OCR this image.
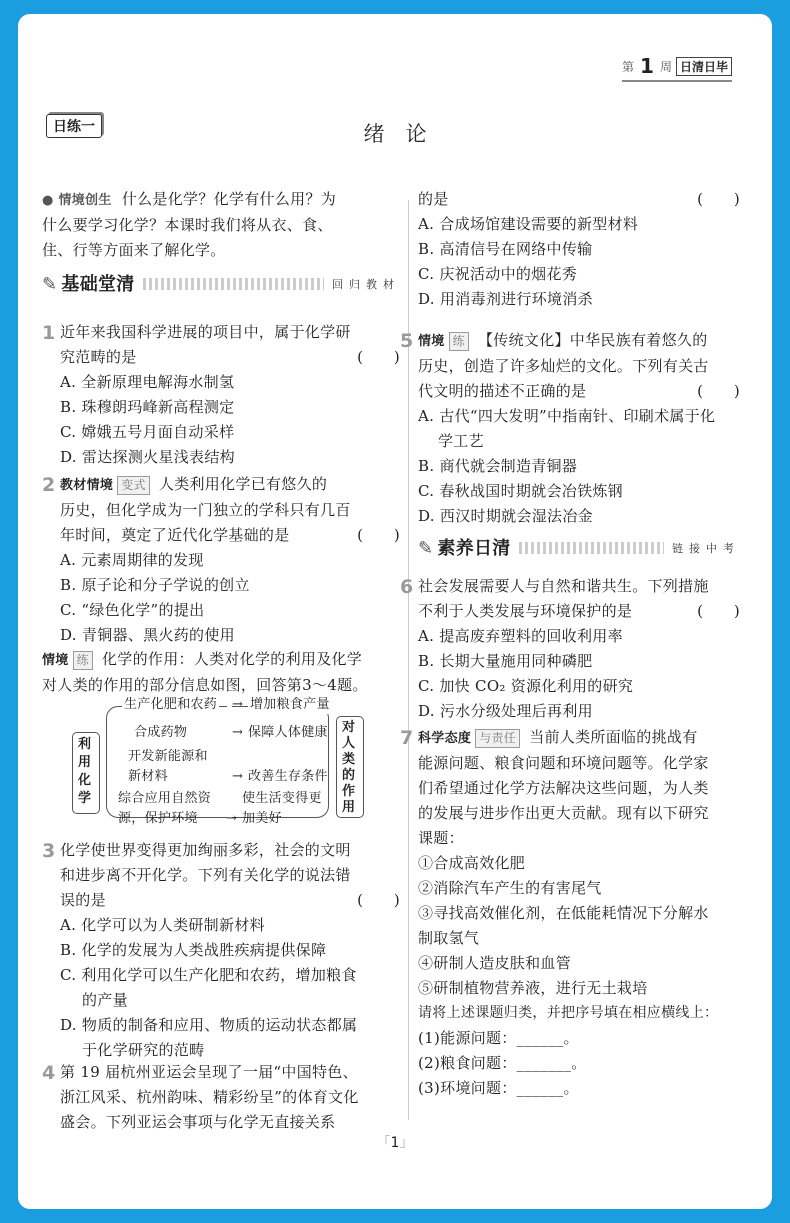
第 1 周 日清日毕
日练一	绪　论
● 情境创生 什么是化学？化学有什么用？为
什么要学习化学？本课时我们将从衣、食、
住、行等方面来了解化学。
✎ 基础堂清	回归教材
1 近年来我国科学进展的项目中，属于化学研
究范畴的是	(　　)
A. 全新原理电解海水制氢
B. 珠穆朗玛峰新高程测定
C. 嫦娥五号月面自动采样
D. 雷达探测火星浅表结构
2 教材情境 变式 人类利用化学已有悠久的
历史，但化学成为一门独立的学科只有几百
年时间，奠定了近代化学基础的是	(　　)
A. 元素周期律的发现
B. 原子论和分子学说的创立
C. “绿色化学”的提出
D. 青铜器、黑火药的使用
情境 练 化学的作用：人类对化学的利用及化学
对人类的作用的部分信息如图，回答第3～4题。
利
用
化
学
对
人
类
的
作
用
生产化肥和农药 → 增加粮食产量
合成药物	→ 保障人体健康
开发新能源和
新材料	→ 改善生存条件
综合应用自然资
源，保护环境
使生活变得更
→ 加美好
3 化学使世界变得更加绚丽多彩，社会的文明
和进步离不开化学。下列有关化学的说法错
误的是	(　　)
A. 化学可以为人类研制新材料
B. 化学的发展为人类战胜疾病提供保障
C. 利用化学可以生产化肥和农药，增加粮食
的产量
D. 物质的制备和应用、物质的运动状态都属
于化学研究的范畴
4 第 19 届杭州亚运会呈现了一届“中国特色、
浙江风采、杭州韵味、精彩纷呈”的体育文化
盛会。下列亚运会事项与化学无直接关系
的是	(　　)
A. 合成场馆建设需要的新型材料
B. 高清信号在网络中传输
C. 庆祝活动中的烟花秀
D. 用消毒剂进行环境消杀
5 情境 练 【传统文化】中华民族有着悠久的
历史，创造了许多灿烂的文化。下列有关古
代文明的描述不正确的是	(　　)
A. 古代“四大发明”中指南针、印刷术属于化
学工艺
B. 商代就会制造青铜器
C. 春秋战国时期就会冶铁炼钢
D. 西汉时期就会湿法冶金
✎ 素养日清	链接中考
6 社会发展需要人与自然和谐共生。下列措施
不利于人类发展与环境保护的是	(　　)
A. 提高废弃塑料的回收利用率
B. 长期大量施用同种磷肥
C. 加快 CO₂ 资源化利用的研究
D. 污水分级处理后再利用
7 科学态度 与责任 当前人类所面临的挑战有
能源问题、粮食问题和环境问题等。化学家
们希望通过化学方法解决这些问题，为人类
的发展与进步作出更大贡献。现有以下研究
课题：
①合成高效化肥
②消除汽车产生的有害尾气
③寻找高效催化剂，在低能耗情况下分解水
制取氢气
④研制人造皮肤和血管
⑤研制植物营养液，进行无土栽培
请将上述课题归类，并把序号填在相应横线上：
(1)能源问题：______。
(2)粮食问题：_______。
(3)环境问题：______。
「1」
